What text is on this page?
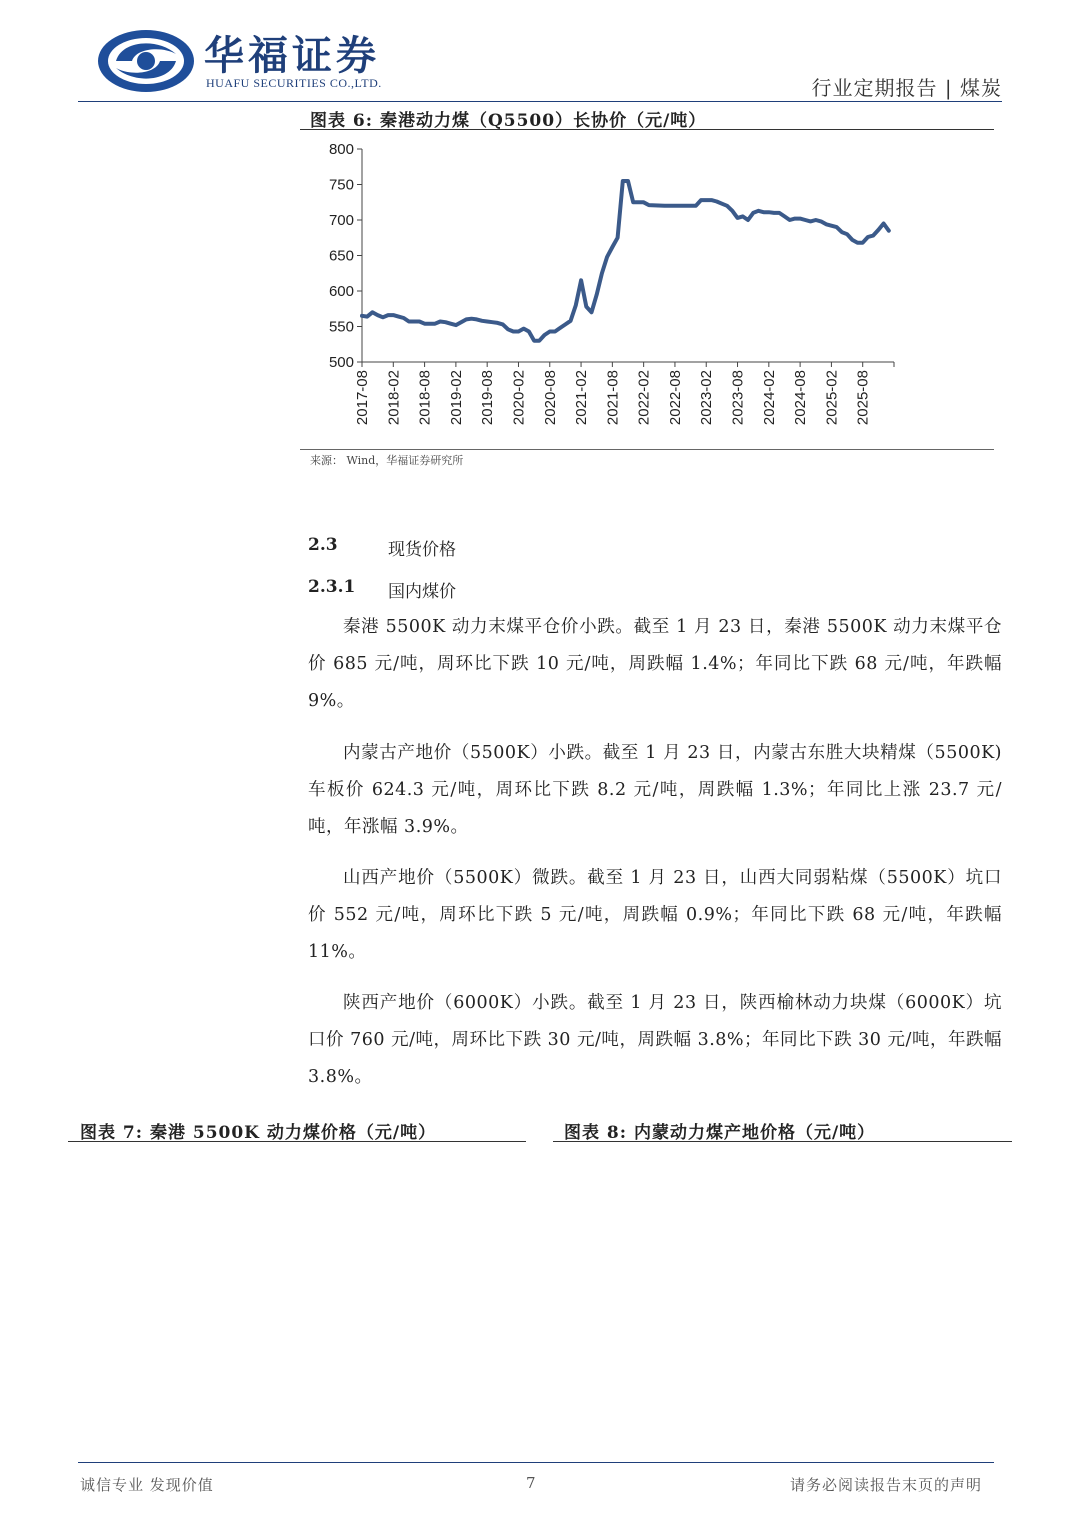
华福证券
HUAFU SECURITIES CO.,LTD.	行业定期报告 | 煤炭
图表 6: 秦港动力煤（Q5500）长协价（元/吨）
500
550
600
650
700
750
800
2017-08 2018-02 2018-08 2019-02 2019-08 2020-02 2020-08 2021-02 2021-08 2022-02 2022-08 2023-02 2023-08 2024-02 2024-08 2025-02 2025-08
来源： Wind，华福证券研究所
2.3	现货价格
2.3.1 国内煤价

秦港 5500K 动力末煤平仓价小跌。截至 1 月 23 日，秦港 5500K 动力末煤平仓价 685 元/吨，周环比下跌 10 元/吨，周跌幅 1.4%；年同比下跌 68 元/吨，年跌幅 9%。

内蒙古产地价（5500K）小跌。截至 1 月 23 日，内蒙古东胜大块精煤（5500K) 车板价 624.3 元/吨，周环比下跌 8.2 元/吨，周跌幅 1.3%；年同比上涨 23.7 元/吨，年涨幅 3.9%。

山西产地价（5500K）微跌。截至 1 月 23 日，山西大同弱粘煤（5500K）坑口价 552 元/吨，周环比下跌 5 元/吨，周跌幅 0.9%；年同比下跌 68 元/吨，年跌幅 11%。

陕西产地价（6000K）小跌。截至 1 月 23 日，陕西榆林动力块煤（6000K）坑口价 760 元/吨，周环比下跌 30 元/吨，周跌幅 3.8%；年同比下跌 30 元/吨，年跌幅 3.8%。

图表 7: 秦港 5500K 动力煤价格（元/吨）	图表 8: 内蒙动力煤产地价格（元/吨）
诚信专业 发现价值	7	请务必阅读报告末页的声明
